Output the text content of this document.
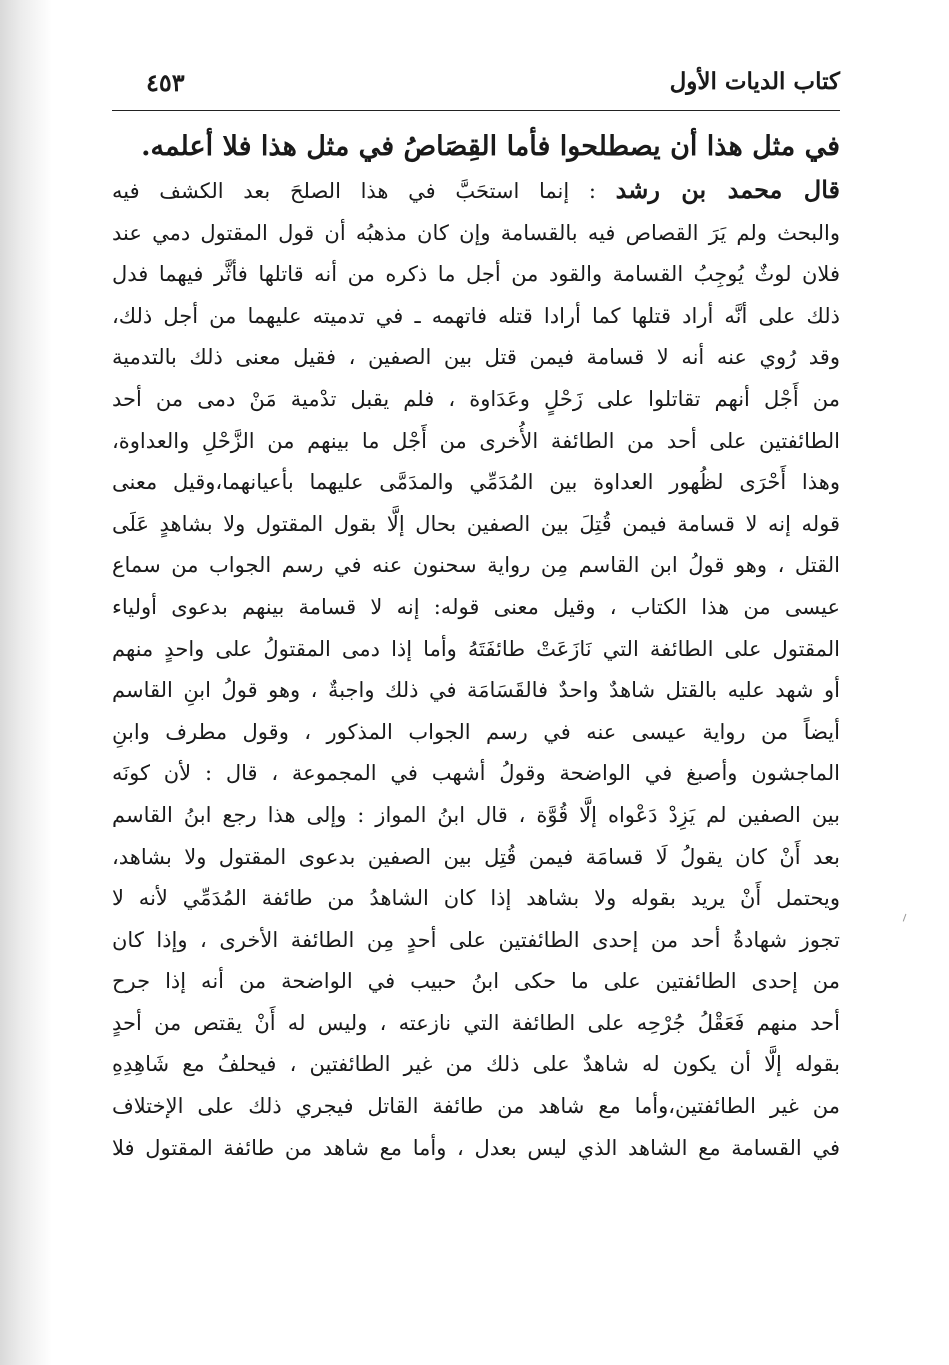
كتاب الديات الأول
٤٥٣
في مثل هذا أن يصطلحوا فأما القِصَاصُ في مثل هذا فلا أعلمه.
قال محمد بن رشد : إنما استحَبَّ في هذا الصلحَ بعد الكشف فيه
والبحث ولم يَرَ القصاص فيه بالقسامة وإن كان مذهبُه أن قول المقتول دمي عند
فلان لوثٌ يُوجِبُ القسامة والقود من أجل ما ذكره من أنه قاتلها فأثَّر فيهما فدل
ذلك على أنَّه أراد قتلها كما أرادا قتله فاتهمه ـ في تدميته عليهما من أجل ذلك،
وقد رُوي عنه أنه لا قسامة فيمن قتل بين الصفين ، فقيل معنى ذلك بالتدمية
من أَجْل أنهم تقاتلوا على زَحْلٍ وعَدَاوة ، فلم يقبل تدْمية مَنْ دمى من أحد
الطائفتين على أحد من الطائفة الأُخرى من أَجْل ما بينهم من الزَّحْلِ والعداوة،
وهذا أَحْرَى لظُهور العداوة بين المُدَمِّي والمدَمَّى عليهما بأعيانهما،وقيل معنى
قوله إنه لا قسامة فيمن قُتِلَ بين الصفين بحال إلَّا بقول المقتول ولا بشاهدٍ عَلَى
القتل ، وهو قولُ ابن القاسم مِن رواية سحنون عنه في رسم الجواب من سماع
عيسى من هذا الكتاب ، وقيل معنى قوله: إنه لا قسامة بينهم بدعوى أولياء
المقتول على الطائفة التي نَازَعَتْ طائفَتَهُ وأما إذا دمى المقتولُ على واحدٍ منهم
أو شهد عليه بالقتل شاهدٌ واحدٌ فالقَسَامَة في ذلك واجبةٌ ، وهو قولُ ابنِ القاسم
أيضاً من رواية عيسى عنه في رسم الجواب المذكور ، وقول مطرف وابنِ
الماجشون وأصبغ في الواضحة وقولُ أشهب في المجموعة ، قال : لأن كونَه
بين الصفين لم يَزِدْ دَعْواه إلَّا قُوَّة ، قال ابنُ المواز : وإلى هذا رجع ابنُ القاسم
بعد أَنْ كان يقولُ لَا قسامَة فيمن قُتِل بين الصفين بدعوى المقتول ولا بشاهد،
ويحتمل أَنْ يريد بقوله ولا بشاهد إذا كان الشاهدُ من طائفة المُدَمِّي لأنه لا
تجوز شهادةُ أحد من إحدى الطائفتين على أحدٍ مِن الطائفة الأخرى ، وإذا كان
من إحدى الطائفتين على ما حكى ابنُ حبيب في الواضحة من أنه إذا جرح
أحد منهم فَعَقْلُ جُرْحِه على الطائفة التي نازعته ، وليس له أَنْ يقتص من أحدٍ
بقوله إلَّا أن يكون له شاهدٌ على ذلك من غير الطائفتين ، فيحلفُ مع شَاهِدِهِ
من غير الطائفتين،وأما مع شاهد من طائفة القاتل فيجري ذلك على الإختلاف
في القسامة مع الشاهد الذي ليس بعدل ، وأما مع شاهد من طائفة المقتول فلا
